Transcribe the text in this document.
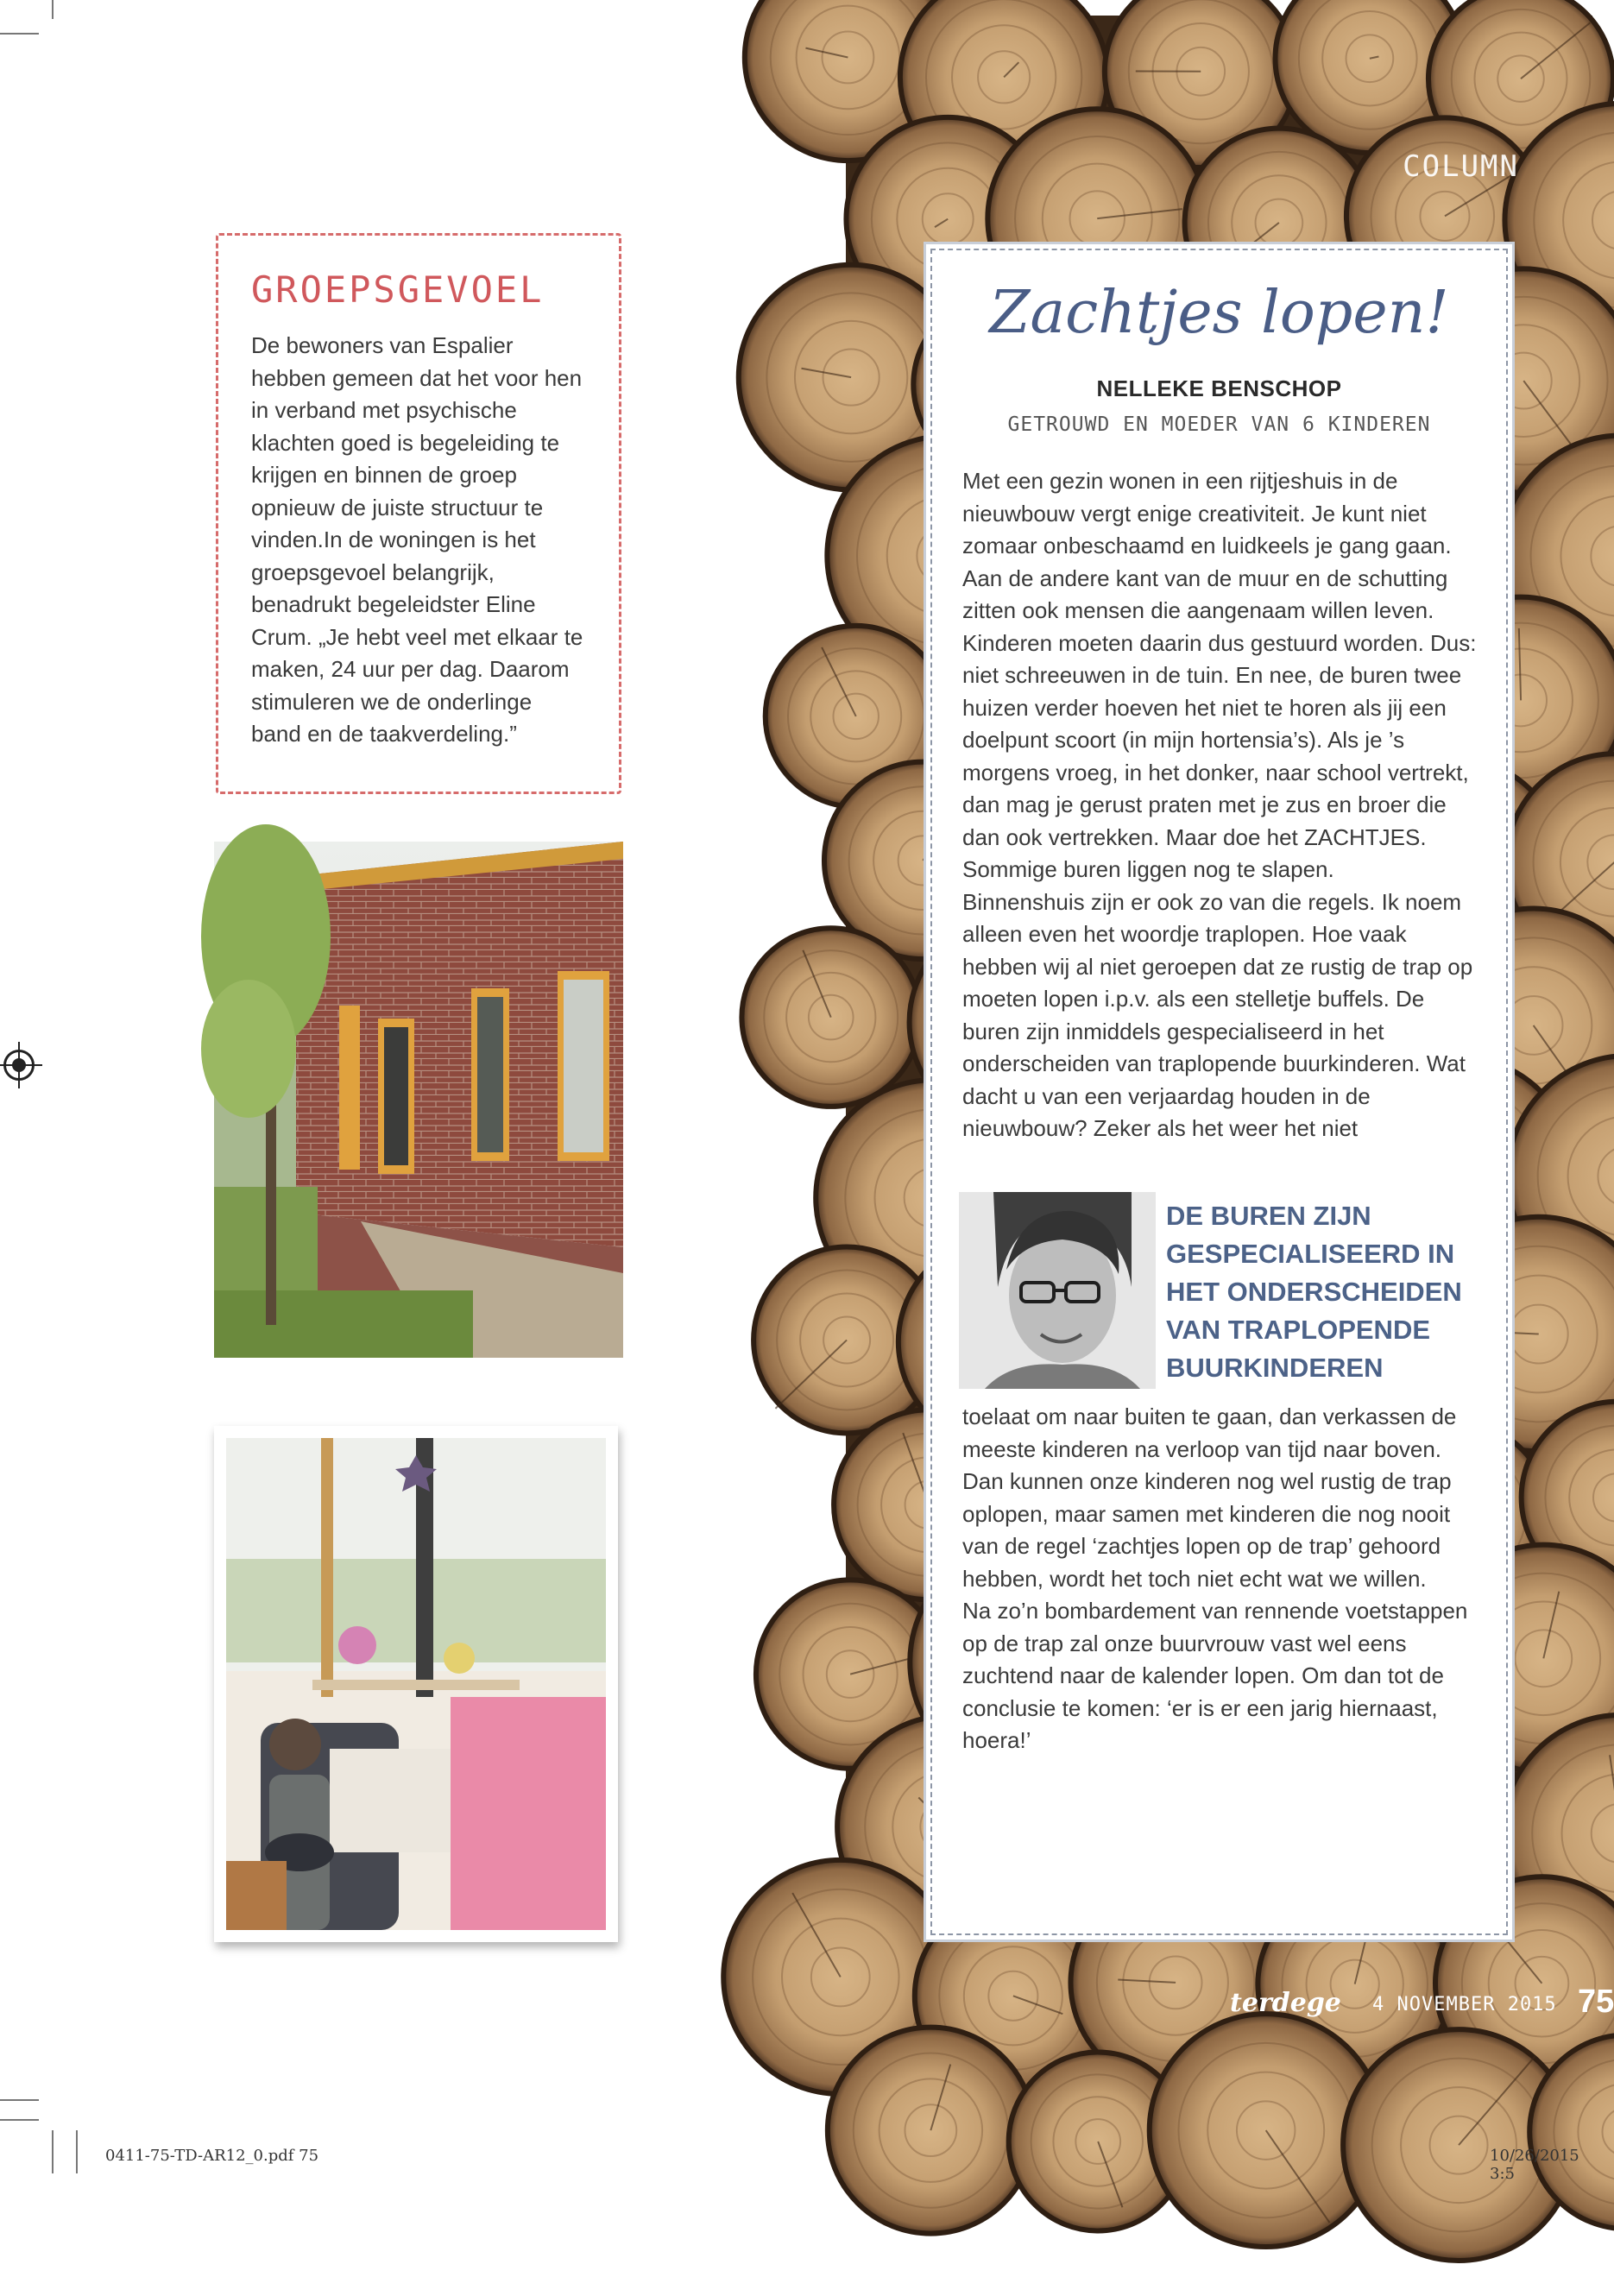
GROEPSGEVOEL

De bewoners van Espalier hebben gemeen dat het voor hen in verband met psychische klachten goed is begeleiding te krijgen en binnen de groep opnieuw de juiste structuur te vinden.In de woningen is het groepsgevoel belangrijk, benadrukt begeleidster Eline Crum. „Je hebt veel met elkaar te maken, 24 uur per dag. Daarom stimuleren we de onderlinge band en de taakverdeling.”

COLUMN
Zachtjes lopen!
NELLEKE BENSCHOP
GETROUWD EN MOEDER VAN 6 KINDEREN

Met een gezin wonen in een rijtjeshuis in de nieuwbouw vergt enige creativiteit. Je kunt niet zomaar onbeschaamd en luidkeels je gang gaan. Aan de andere kant van de muur en de schutting zitten ook mensen die aangenaam willen leven. Kinderen moeten daarin dus gestuurd worden. Dus: niet schreeuwen in de tuin. En nee, de buren twee huizen verder hoeven het niet te horen als jij een doelpunt scoort (in mijn hortensia’s). Als je ’s morgens vroeg, in het donker, naar school vertrekt, dan mag je gerust praten met je zus en broer die dan ook vertrekken. Maar doe het ZACHTJES. Sommige buren liggen nog te slapen.

Binnenshuis zijn er ook zo van die regels. Ik noem alleen even het woordje traplopen. Hoe vaak hebben wij al niet geroepen dat ze rustig de trap op moeten lopen i.p.v. als een stelletje buffels. De buren zijn inmiddels gespecialiseerd in het onderscheiden van traplopende buurkinderen. Wat dacht u van een verjaardag houden in de nieuwbouw? Zeker als het weer het niet

DE BUREN ZIJN GESPECIALISEERD IN HET ONDERSCHEIDEN VAN TRAPLOPENDE BUURKINDEREN

toelaat om naar buiten te gaan, dan verkassen de meeste kinderen na verloop van tijd naar boven. Dan kunnen onze kinderen nog wel rustig de trap oplopen, maar samen met kinderen die nog nooit van de regel ‘zachtjes lopen op de trap’ gehoord hebben, wordt het toch niet echt wat we willen.

Na zo’n bombardement van rennende voetstappen op de trap zal onze buurvrouw vast wel eens zuchtend naar de kalender lopen. Om dan tot de conclusie te komen: ‘er is er een jarig hiernaast, hoera!’

terdege 4 NOVEMBER 2015 75
0411-75-TD-AR12_0.pdf 75	10/26/2015 3:5
